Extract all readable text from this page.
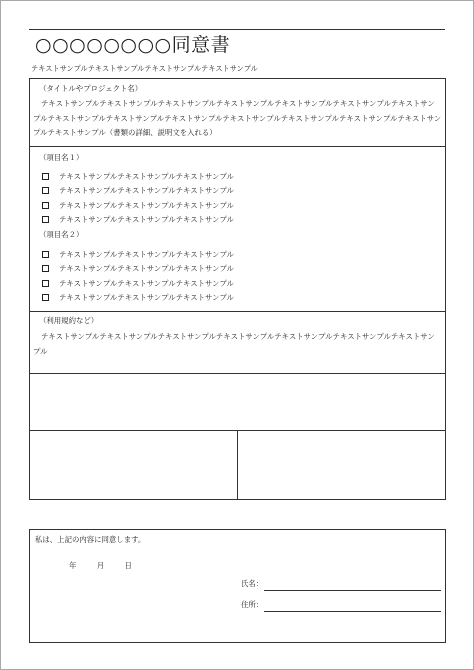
○○○○○○○○同意書
テキストサンプルテキストサンプルテキストサンプルテキストサンプル
（タイトルやプロジェクト名）
テキストサンプルテキストサンプルテキストサンプルテキストサンプルテキストサンプルテキストサンプルテキストサンプルテキストサンプルテキストサンプルテキストサンプルテキストサンプルテキストサンプルテキストサンプルテキストサンプルテキストサンプル（書類の詳細、説明文を入れる）
（項目名１）
テキストサンプルテキストサンプルテキストサンプル
テキストサンプルテキストサンプルテキストサンプル
テキストサンプルテキストサンプルテキストサンプル
テキストサンプルテキストサンプルテキストサンプル
（項目名２）
テキストサンプルテキストサンプルテキストサンプル
テキストサンプルテキストサンプルテキストサンプル
テキストサンプルテキストサンプルテキストサンプル
テキストサンプルテキストサンプルテキストサンプル
（利用規約など）
テキストサンプルテキストサンプルテキストサンプルテキストサンプルテキストサンプルテキストサンプルテキストサンプル
私は、上記の内容に同意します。
年	月	日
氏名：
住所：
